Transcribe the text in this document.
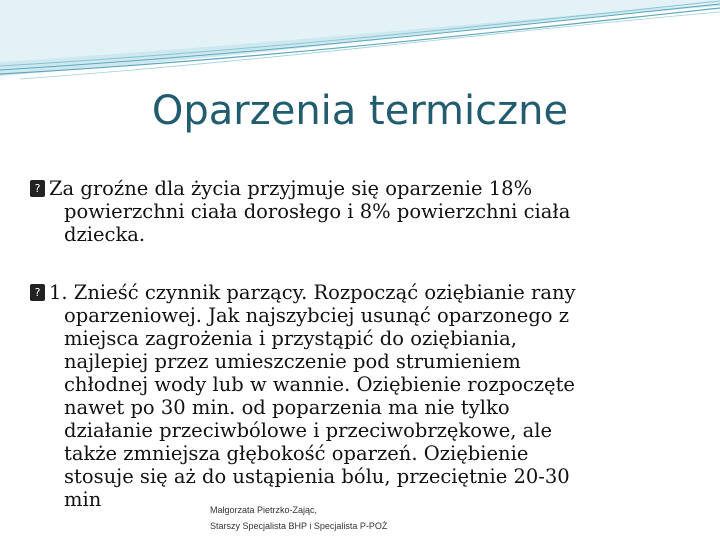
Oparzenia termiczne
? Za groźne dla życia przyjmuje się oparzenie 18%
powierzchni ciała dorosłego i 8% powierzchni ciała
dziecka.
? 1. Znieść czynnik parzący. Rozpocząć oziębianie rany
oparzeniowej. Jak najszybciej usunąć oparzonego z
miejsca zagrożenia i przystąpić do oziębiania,
najlepiej przez umieszczenie pod strumieniem
chłodnej wody lub w wannie. Oziębienie rozpoczęte
nawet po 30 min. od poparzenia ma nie tylko
działanie przeciwbólowe i przeciwobrzękowe, ale
także zmniejsza głębokość oparzeń. Oziębienie
stosuje się aż do ustąpienia bólu, przeciętnie 20-30
min	Małgorzata Pietrzko-Zając,
Starszy Specjalista BHP i Specjalista P-POŻ
